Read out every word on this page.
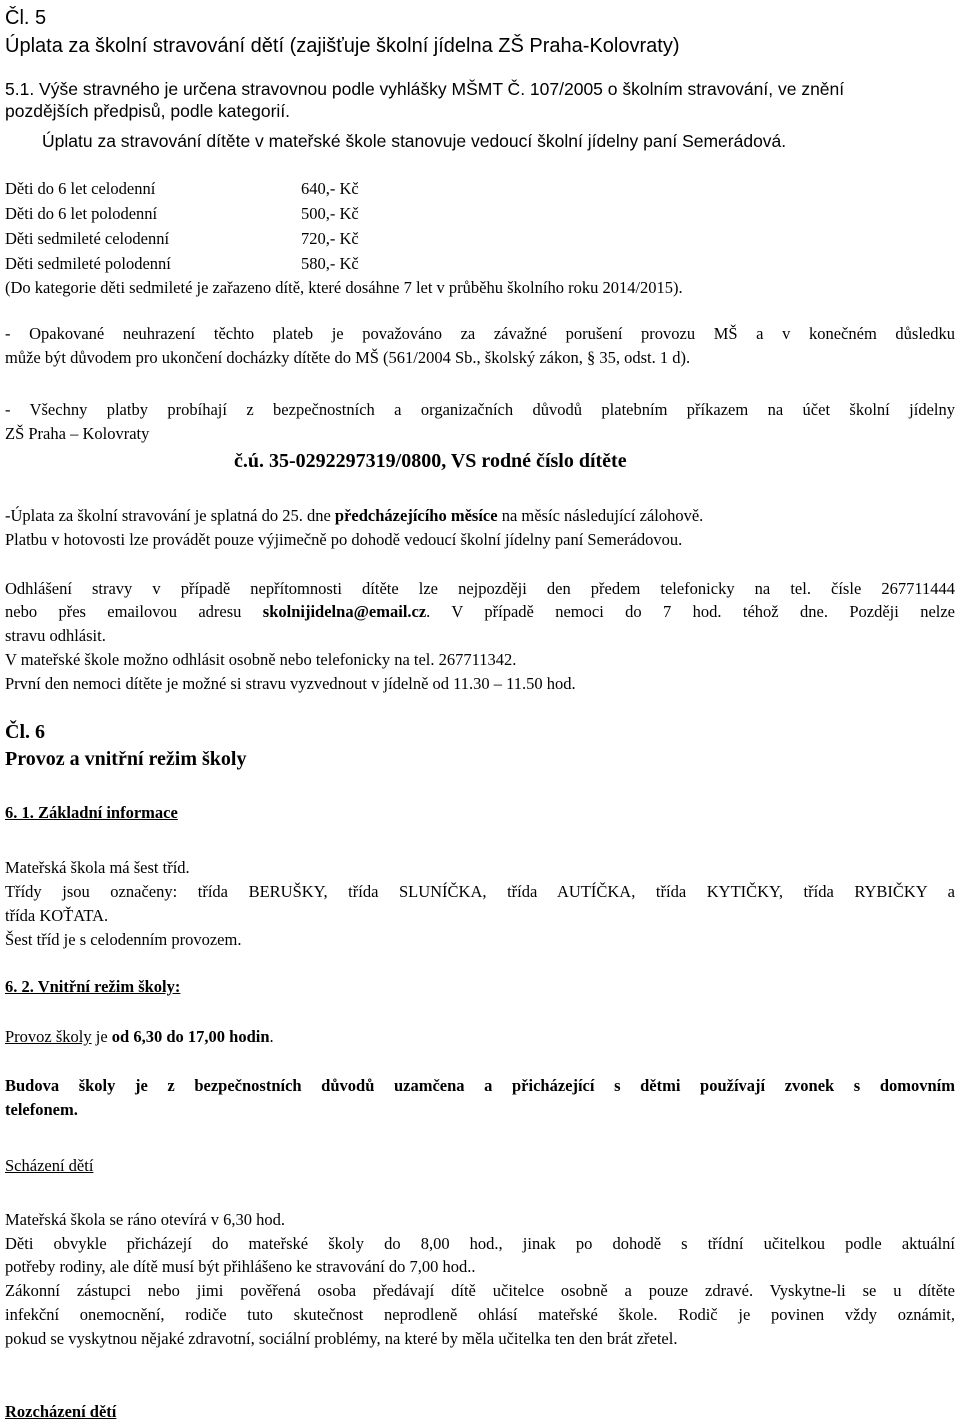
Čl. 5
Úplata za školní stravování dětí (zajišťuje školní jídelna ZŠ Praha-Kolovraty)
5.1. Výše stravného je určena stravovnou podle vyhlášky MŠMT Č. 107/2005 o školním stravování, ve znění
pozdějších předpisů, podle kategorií.
Úplatu za stravování dítěte v mateřské škole stanovuje vedoucí školní jídelny paní Semerádová.
Děti do 6 let celodenní	640,- Kč
Děti do 6 let polodenní	500,- Kč
Děti sedmileté celodenní	720,- Kč
Děti sedmileté polodenní	580,- Kč
(Do kategorie děti sedmileté je zařazeno dítě, které dosáhne 7 let v průběhu školního roku 2014/2015).
- Opakované neuhrazení těchto plateb je považováno za závažné porušení provozu MŠ a v konečném důsledku
může být důvodem pro ukončení docházky dítěte do MŠ (561/2004 Sb., školský zákon, § 35, odst. 1 d).
- Všechny platby probíhají z bezpečnostních a organizačních důvodů platebním příkazem na účet školní jídelny
ZŠ Praha – Kolovraty
č.ú. 35-0292297319/0800, VS rodné číslo dítěte
-Úplata za školní stravování je splatná do 25. dne předcházejícího měsíce na měsíc následující zálohově.
Platbu v hotovosti lze provádět pouze výjimečně po dohodě vedoucí školní jídelny paní Semerádovou.
Odhlášení stravy v případě nepřítomnosti dítěte lze nejpozději den předem telefonicky na tel. čísle 267711444
nebo přes emailovou adresu skolnijidelna@email.cz. V případě nemoci do 7 hod. téhož dne. Později nelze
stravu odhlásit.
V mateřské škole možno odhlásit osobně nebo telefonicky na tel. 267711342.
První den nemoci dítěte je možné si stravu vyzvednout v jídelně od 11.30 – 11.50 hod.
Čl. 6
Provoz a vnitřní režim školy
6. 1. Základní informace
Mateřská škola má šest tříd.
Třídy jsou označeny: třída BERUŠKY, třída SLUNÍČKA, třída AUTÍČKA, třída KYTIČKY, třída RYBIČKY a
třída KOŤATA.
Šest tříd je s celodenním provozem.
6. 2. Vnitřní režim školy:
Provoz školy je od 6,30 do 17,00 hodin.
Budova školy je z bezpečnostních důvodů uzamčena a přicházející s dětmi používají zvonek s domovním
telefonem.
Scházení dětí
Mateřská škola se ráno otevírá v 6,30 hod.
Děti obvykle přicházejí do mateřské školy do 8,00 hod., jinak po dohodě s třídní učitelkou podle aktuální
potřeby rodiny, ale dítě musí být přihlášeno ke stravování do 7,00 hod..
Zákonní zástupci nebo jimi pověřená osoba předávají dítě učitelce osobně a pouze zdravé. Vyskytne-li se u dítěte
infekční onemocnění, rodiče tuto skutečnost neprodleně ohlásí mateřské škole. Rodič je povinen vždy oznámit,
pokud se vyskytnou nějaké zdravotní, sociální problémy, na které by měla učitelka ten den brát zřetel.
Rozcházení dětí
